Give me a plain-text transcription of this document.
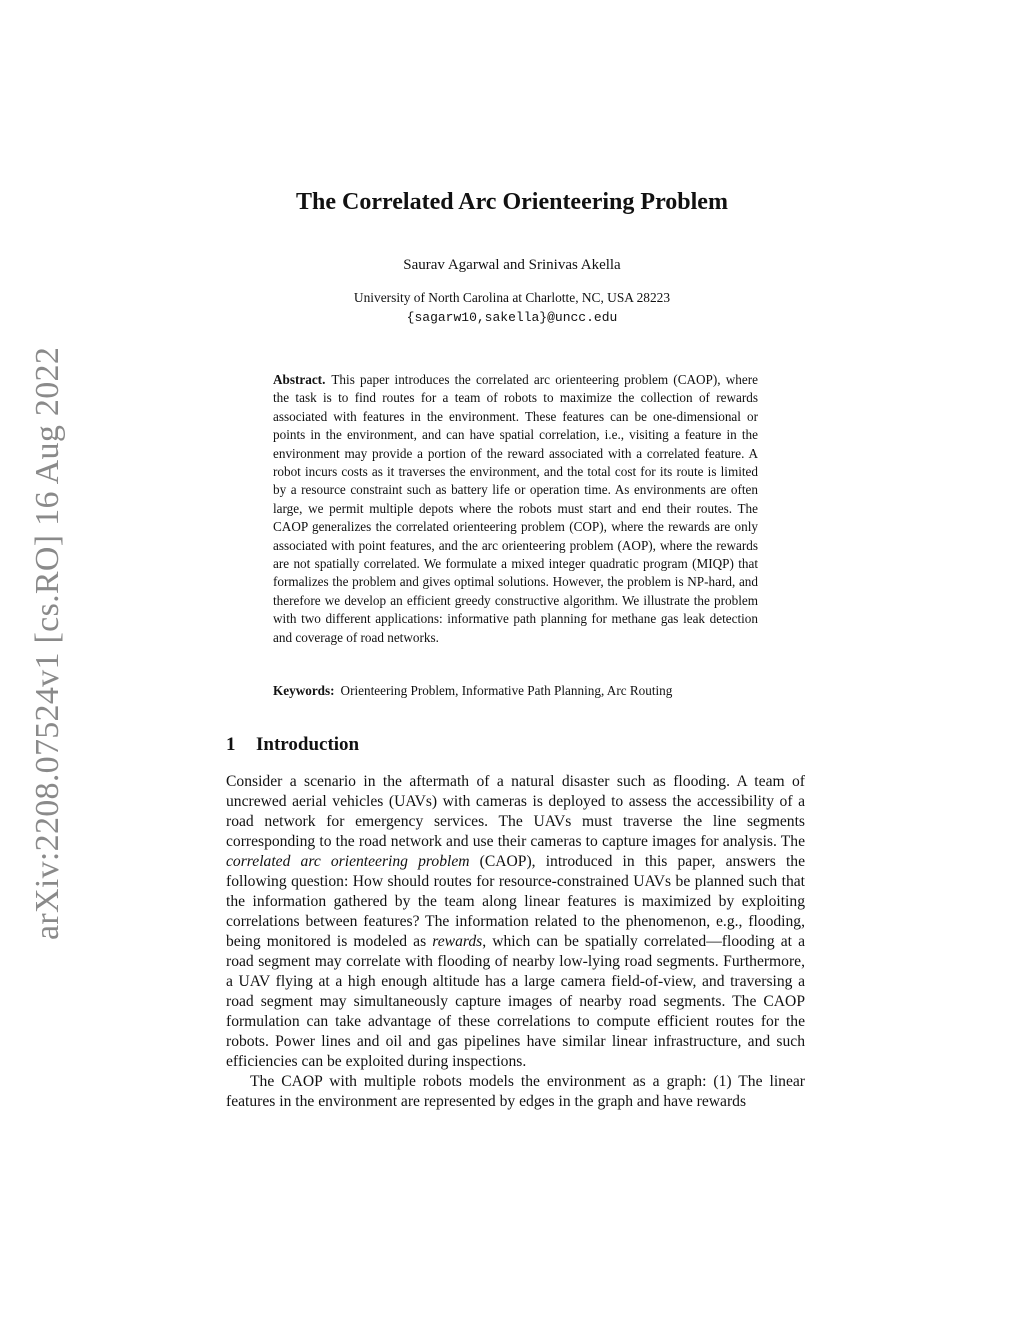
arXiv:2208.07524v1 [cs.RO] 16 Aug 2022
The Correlated Arc Orienteering Problem
Saurav Agarwal and Srinivas Akella
University of North Carolina at Charlotte, NC, USA 28223
{sagarw10,sakella}@uncc.edu
Abstract. This paper introduces the correlated arc orienteering problem (CAOP), where the task is to find routes for a team of robots to maximize the collection of rewards associated with features in the environment. These features can be one-dimensional or points in the environment, and can have spatial correlation, i.e., visiting a feature in the environment may provide a portion of the reward associated with a correlated feature. A robot incurs costs as it traverses the environment, and the total cost for its route is limited by a resource constraint such as battery life or operation time. As environments are often large, we permit multiple depots where the robots must start and end their routes. The CAOP generalizes the correlated orienteering problem (COP), where the rewards are only associated with point features, and the arc orienteering problem (AOP), where the rewards are not spatially correlated. We formulate a mixed integer quadratic program (MIQP) that formalizes the problem and gives optimal solutions. However, the problem is NP-hard, and therefore we develop an efficient greedy constructive algorithm. We illustrate the problem with two different applications: informative path planning for methane gas leak detection and coverage of road networks.
Keywords: Orienteering Problem, Informative Path Planning, Arc Routing
1 Introduction

Consider a scenario in the aftermath of a natural disaster such as flooding. A team of uncrewed aerial vehicles (UAVs) with cameras is deployed to assess the accessibility of a road network for emergency services. The UAVs must traverse the line segments corresponding to the road network and use their cameras to capture images for analysis. The correlated arc orienteering problem (CAOP), introduced in this paper, answers the following question: How should routes for resource-constrained UAVs be planned such that the information gathered by the team along linear features is maximized by exploiting correlations between features? The information related to the phenomenon, e.g., flooding, being monitored is modeled as rewards, which can be spatially correlated—flooding at a road segment may correlate with flooding of nearby low-lying road segments. Furthermore, a UAV flying at a high enough altitude has a large camera field-of-view, and traversing a road segment may simultaneously capture images of nearby road segments. The CAOP formulation can take advantage of these correlations to compute efficient routes for the robots. Power lines and oil and gas pipelines have similar linear infrastructure, and such efficiencies can be exploited during inspections.

The CAOP with multiple robots models the environment as a graph: (1) The linear features in the environment are represented by edges in the graph and have rewards
